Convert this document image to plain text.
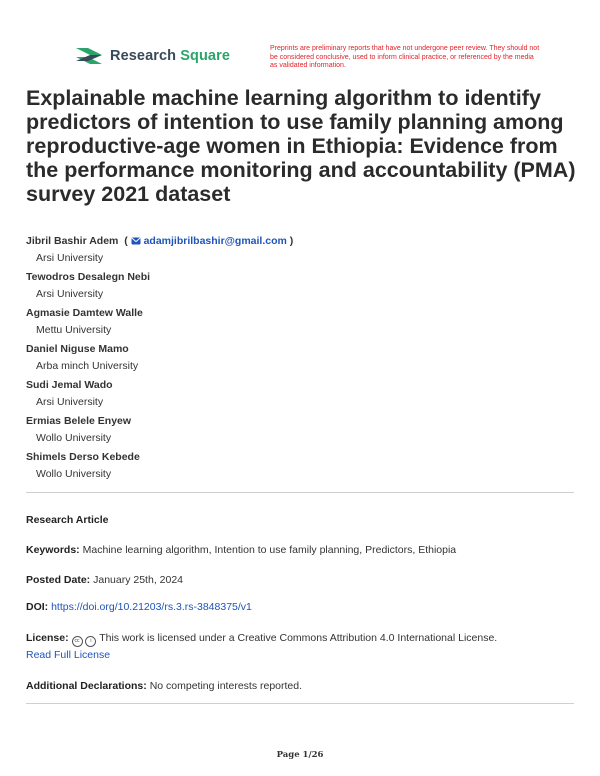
Research Square	Preprints are preliminary reports that have not undergone peer review. They should not be considered conclusive, used to inform clinical practice, or referenced by the media as validated information.
Explainable machine learning algorithm to identify predictors of intention to use family planning among reproductive-age women in Ethiopia: Evidence from the performance monitoring and accountability (PMA) survey 2021 dataset
Jibril Bashir Adem  (  adamjibrilbashir@gmail.com )
Arsi University
Tewodros Desalegn Nebi
Arsi University
Agmasie Damtew Walle
Mettu University
Daniel Niguse Mamo
Arba minch University
Sudi Jemal Wado
Arsi University
Ermias Belele Enyew
Wollo University
Shimels Derso Kebede
Wollo University
Research Article
Keywords: Machine learning algorithm, Intention to use family planning, Predictors, Ethiopia
Posted Date: January 25th, 2024
DOI: https://doi.org/10.21203/rs.3.rs-3848375/v1
License: cc i This work is licensed under a Creative Commons Attribution 4.0 International License.
Read Full License
Additional Declarations: No competing interests reported.
Page 1/26
